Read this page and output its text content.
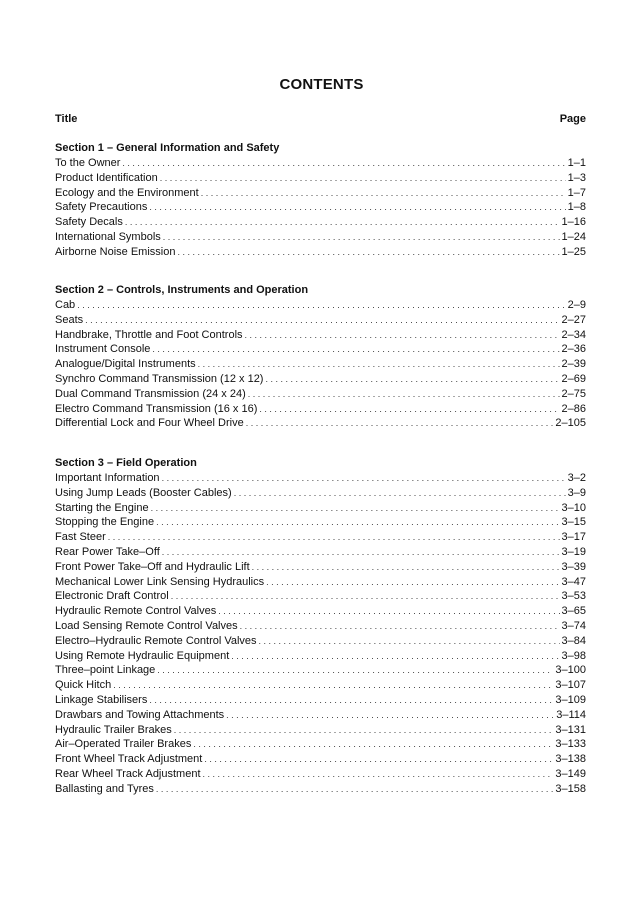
CONTENTS
Title	Page
Section 1 – General Information and Safety
To the Owner . . .	1–1
Product Identification . . .	1–3
Ecology and the Environment . . .	1–7
Safety Precautions . . .	1–8
Safety Decals . . .	1–16
International Symbols . . .	1–24
Airborne Noise Emission . . .	1–25
Section 2 – Controls, Instruments and Operation
Cab . . .	2–9
Seats . . .	2–27
Handbrake, Throttle and Foot Controls . . .	2–34
Instrument Console . . .	2–36
Analogue/Digital Instruments . . .	2–39
Synchro Command Transmission (12 x 12) . . .	2–69
Dual Command Transmission (24 x 24) . . .	2–75
Electro Command Transmission (16 x 16) . . .	2–86
Differential Lock and Four Wheel Drive . . .	2–105
Section 3 – Field Operation
Important Information . . .	3–2
Using Jump Leads (Booster Cables) . . .	3–9
Starting the Engine . . .	3–10
Stopping the Engine . . .	3–15
Fast Steer . . .	3–17
Rear Power Take–Off . . .	3–19
Front Power Take–Off and Hydraulic Lift . . .	3–39
Mechanical Lower Link Sensing Hydraulics . . .	3–47
Electronic Draft Control . . .	3–53
Hydraulic Remote Control Valves . . .	3–65
Load Sensing Remote Control Valves . . .	3–74
Electro–Hydraulic Remote Control Valves . . .	3–84
Using Remote Hydraulic Equipment . . .	3–98
Three–point Linkage . . .	3–100
Quick Hitch . . .	3–107
Linkage Stabilisers . . .	3–109
Drawbars and Towing Attachments . . .	3–114
Hydraulic Trailer Brakes . . .	3–131
Air–Operated Trailer Brakes . . .	3–133
Front Wheel Track Adjustment . . .	3–138
Rear Wheel Track Adjustment . . .	3–149
Ballasting and Tyres . . .	3–158
